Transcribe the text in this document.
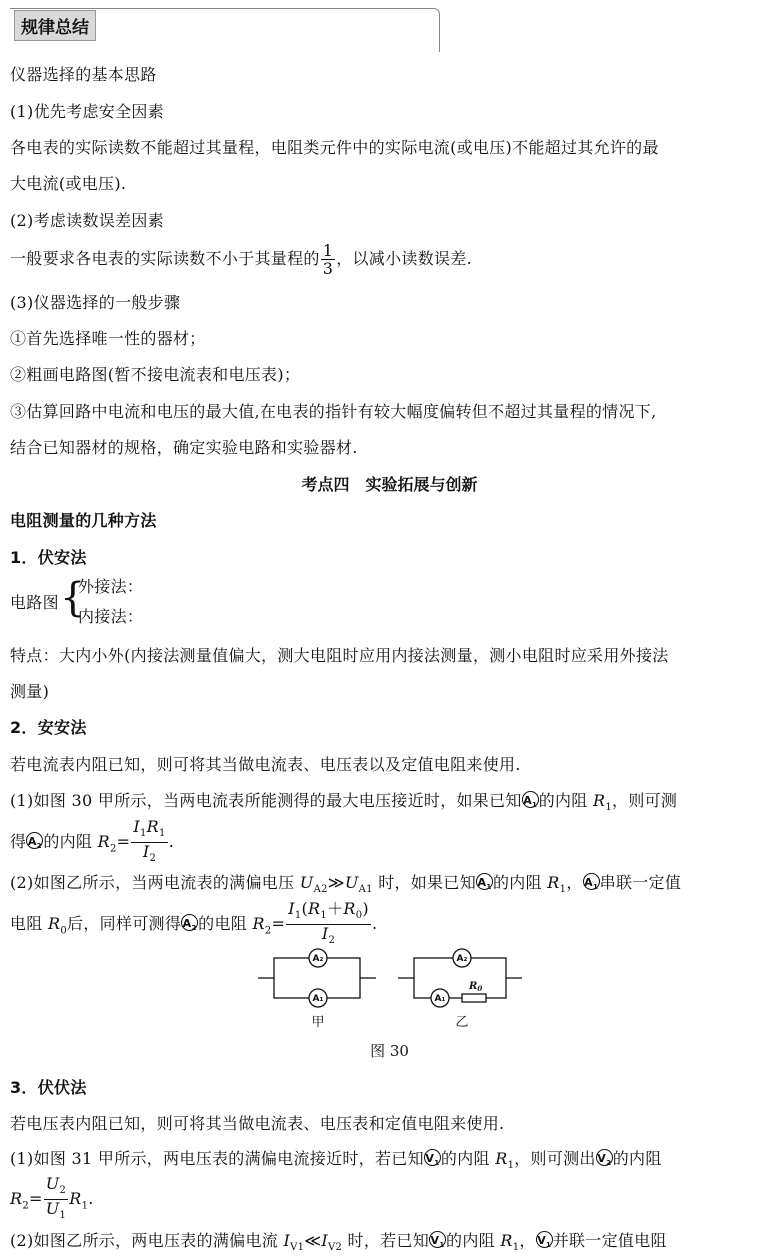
规律总结
仪器选择的基本思路
(1)优先考虑安全因素
各电表的实际读数不能超过其量程，电阻类元件中的实际电流(或电压)不能超过其允许的最
大电流(或电压).
(2)考虑读数误差因素
一般要求各电表的实际读数不小于其量程的 $\frac{1}{3}$ ，以减小读数误差.
(3)仪器选择的一般步骤
①首先选择唯一性的器材；
②粗画电路图(暂不接电流表和电压表)；
③估算回路中电流和电压的最大值,在电表的指针有较大幅度偏转但不超过其量程的情况下,
结合已知器材的规格，确定实验电路和实验器材.
考点四　实验拓展与创新
电阻测量的几种方法
1．伏安法
电路图 {
外接法：
内接法：
特点：大内小外(内接法测量值偏大，测大电阻时应用内接法测量，测小电阻时应采用外接法
测量)
2．安安法
若电流表内阻已知，则可将其当做电流表、电压表以及定值电阻来使用.
(1)如图 30 甲所示，当两电流表所能测得的最大电压接近时，如果已知 $A_1$的内阻 $R_1$，则可测
得 $A_2$的内阻 $R_2= \frac{I_1R_1}{I_2}$ .
(2)如图乙所示，当两电流表的满偏电压 $U_{A2}≫U_{A1}$ 时，如果已知 $A_1$的内阻 $R_1$， $A_1$串联一定值
电阻 $R_0$后，同样可测得 $A_2$的电阻 $R_2= \frac{I_1(R_1+R_0)}{I_2}$ .
A₂
A₁
A₂
A₁
$R_0$
甲	乙
图 30
3．伏伏法
若电压表内阻已知，则可将其当做电流表、电压表和定值电阻来使用.
(1)如图 31 甲所示，两电压表的满偏电流接近时，若已知 $V_1$的内阻 $R_1$，则可测出 $V_2$的内阻
$R_2= \frac{U_2}{U_1} R_1$.
(2)如图乙所示，两电压表的满偏电流 $I_{V1}≪I_{V2}$ 时，若已知 $V_1$的内阻 $R_1$， $V_1$并联一定值电阻
